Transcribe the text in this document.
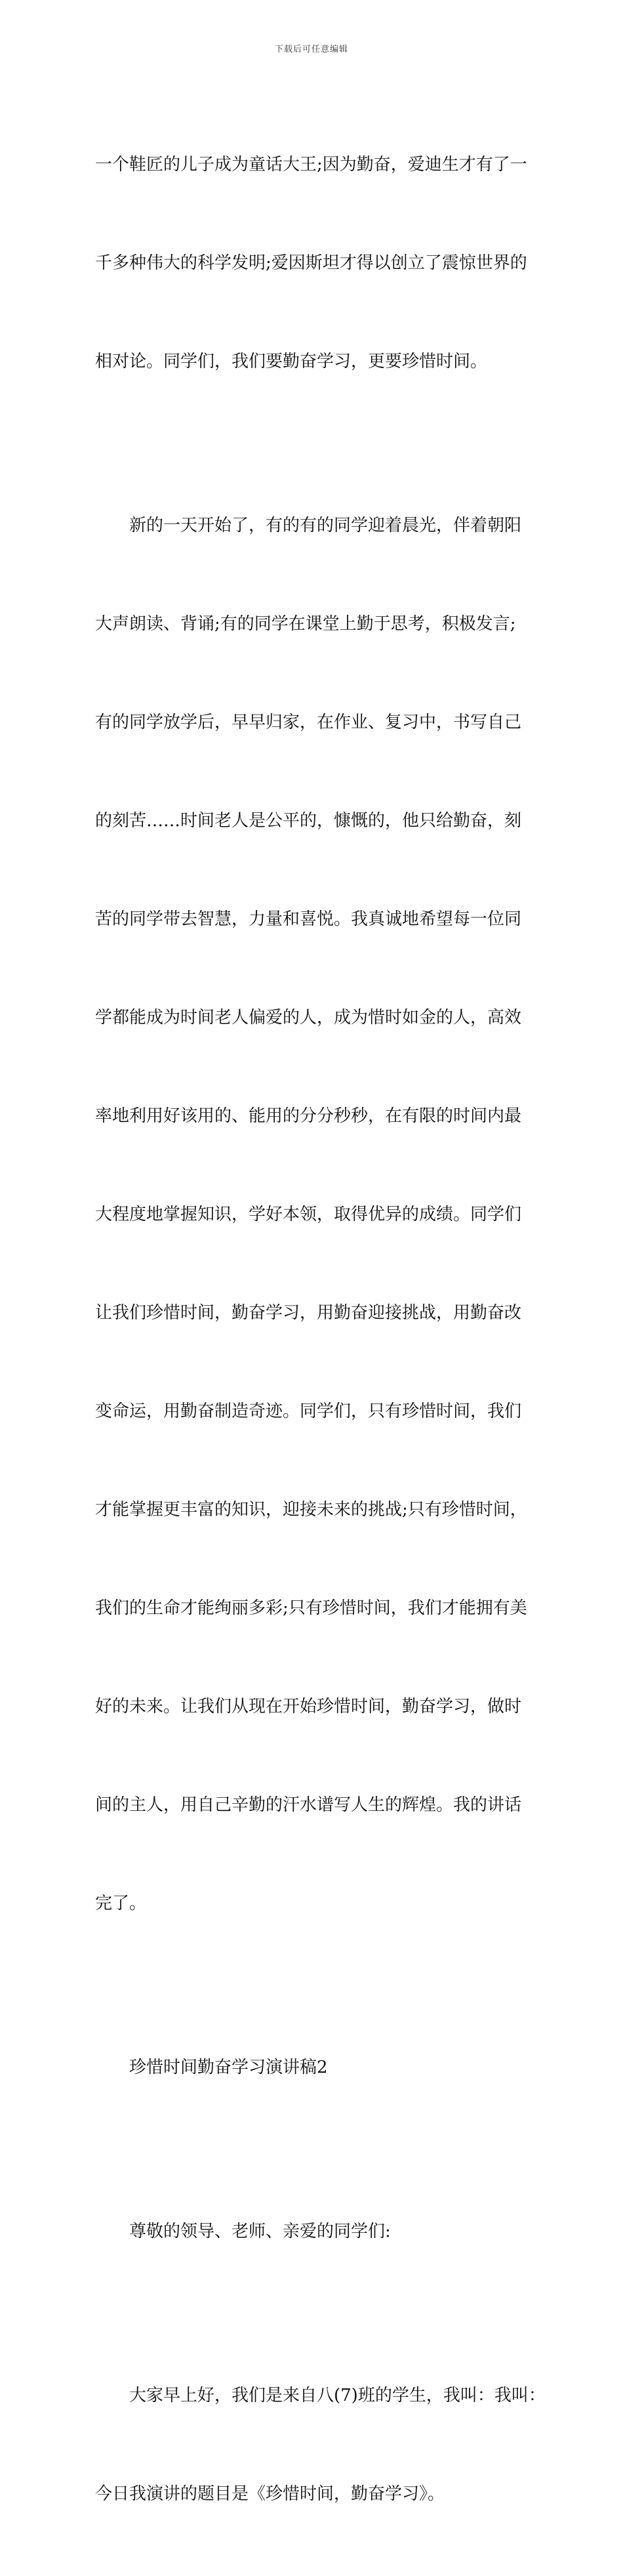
下载后可任意编辑

一个鞋匠的儿子成为童话大王;因为勤奋，爱迪生才有了一

千多种伟大的科学发明;爱因斯坦才得以创立了震惊世界的

相对论。同学们，我们要勤奋学习，更要珍惜时间。

新的一天开始了，有的有的同学迎着晨光，伴着朝阳

大声朗读、背诵;有的同学在课堂上勤于思考，积极发言;

有的同学放学后，早早归家，在作业、复习中，书写自己

的刻苦……时间老人是公平的，慷慨的，他只给勤奋，刻

苦的同学带去智慧，力量和喜悦。我真诚地希望每一位同

学都能成为时间老人偏爱的人，成为惜时如金的人，高效

率地利用好该用的、能用的分分秒秒，在有限的时间内最

大程度地掌握知识，学好本领，取得优异的成绩。同学们

让我们珍惜时间，勤奋学习，用勤奋迎接挑战，用勤奋改

变命运，用勤奋制造奇迹。同学们，只有珍惜时间，我们

才能掌握更丰富的知识，迎接未来的挑战;只有珍惜时间，

我们的生命才能绚丽多彩;只有珍惜时间，我们才能拥有美

好的未来。让我们从现在开始珍惜时间，勤奋学习，做时

间的主人，用自己辛勤的汗水谱写人生的辉煌。我的讲话

完了。

珍惜时间勤奋学习演讲稿2

尊敬的领导、老师、亲爱的同学们:

大家早上好，我们是来自八(7)班的学生，我叫：我叫：

今日我演讲的题目是《珍惜时间，勤奋学习》。
